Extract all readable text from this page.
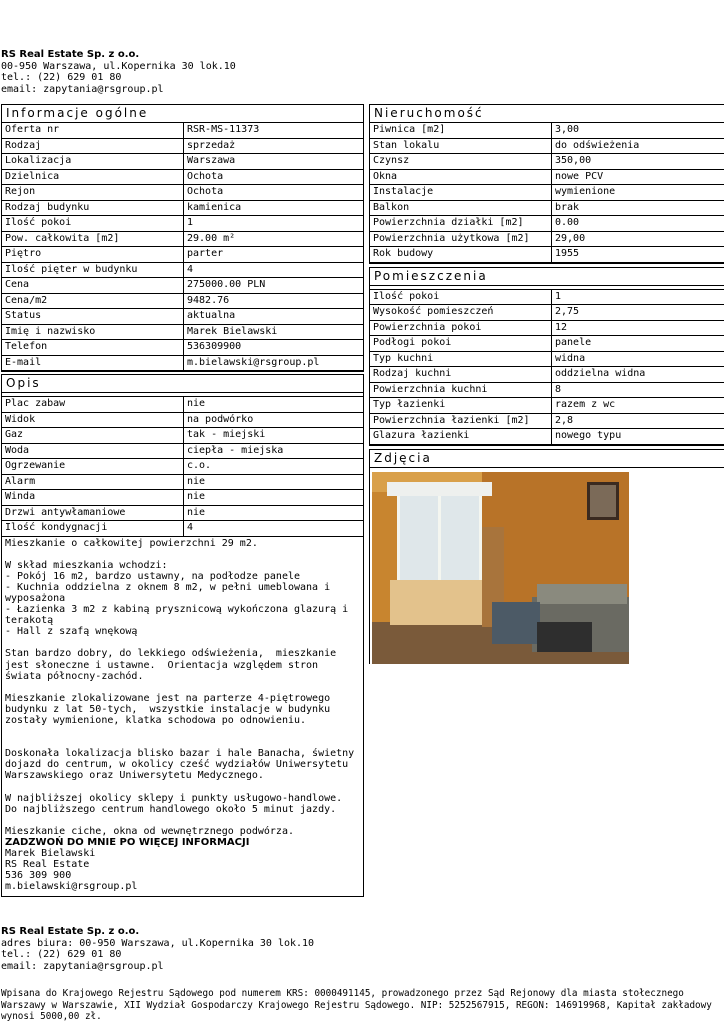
RS Real Estate Sp. z o.o.
00-950 Warszawa, ul.Kopernika 30 lok.10
tel.: (22) 629 01 80
email: zapytania@rsgroup.pl
Informacje ogólne
Oferta nr	RSR-MS-11373
Rodzaj	sprzedaż
Lokalizacja	Warszawa
Dzielnica	Ochota
Rejon	Ochota
Rodzaj budynku	kamienica
Ilość pokoi	1
Pow. całkowita [m2]	29.00 m²
Piętro	parter
Ilość pięter w budynku	4
Cena	275000.00 PLN
Cena/m2	9482.76
Status	aktualna
Imię i nazwisko	Marek Bielawski
Telefon	536309900
E-mail	m.bielawski@rsgroup.pl
Opis
Plac zabaw	nie
Widok	na podwórko
Gaz	tak - miejski
Woda	ciepła - miejska
Ogrzewanie	c.o.
Alarm	nie
Winda	nie
Drzwi antywłamaniowe	nie
Ilość kondygnacji	4
Mieszkanie o całkowitej powierzchni 29 m2.

W skład mieszkania wchodzi:
- Pokój 16 m2, bardzo ustawny, na podłodze panele
- Kuchnia oddzielna z oknem 8 m2, w pełni umeblowana i wyposażona
- Łazienka 3 m2 z kabiną prysznicową wykończona glazurą i terakotą
- Hall z szafą wnękową

Stan bardzo dobry, do lekkiego odświeżenia,  mieszkanie jest słoneczne i ustawne.  Orientacja względem stron świata północny-zachód.

Mieszkanie zlokalizowane jest na parterze 4-piętrowego budynku z lat 50-tych,  wszystkie instalacje w budynku zostały wymienione, klatka schodowa po odnowieniu.

Doskonała lokalizacja blisko bazar i hale Banacha, świetny dojazd do centrum, w okolicy cześć wydziałów Uniwersytetu Warszawskiego oraz Uniwersytetu Medycznego.

W najbliższej okolicy sklepy i punkty usługowo-handlowe. Do najbliższego centrum handlowego około 5 minut jazdy.

Mieszkanie ciche, okna od wewnętrznego podwórza.
ZADZWOŃ DO MNIE PO WIĘCEJ INFORMACJI
Marek Bielawski
RS Real Estate
536 309 900
m.bielawski@rsgroup.pl
Nieruchomość
Piwnica [m2]	3,00
Stan lokalu	do odświeżenia
Czynsz	350,00
Okna	nowe PCV
Instalacje	wymienione
Balkon	brak
Powierzchnia działki [m2]	0.00
Powierzchnia użytkowa [m2]	29,00
Rok budowy	1955
Pomieszczenia
Ilość pokoi	1
Wysokość pomieszczeń	2,75
Powierzchnia pokoi	12
Podłogi pokoi	panele
Typ kuchni	widna
Rodzaj kuchni	oddzielna widna
Powierzchnia kuchni	8
Typ łazienki	razem z wc
Powierzchnia łazienki [m2]	2,8
Glazura łazienki	nowego typu
Zdjęcia
RS Real Estate Sp. z o.o.
adres biura: 00-950 Warszawa, ul.Kopernika 30 lok.10
tel.: (22) 629 01 80
email: zapytania@rsgroup.pl
Wpisana do Krajowego Rejestru Sądowego pod numerem KRS: 0000491145, prowadzonego przez Sąd Rejonowy dla miasta stołecznego Warszawy w Warszawie, XII Wydział Gospodarczy Krajowego Rejestru Sądowego. NIP: 5252567915, REGON: 146919968, Kapitał zakładowy wynosi 5000,00 zł.
